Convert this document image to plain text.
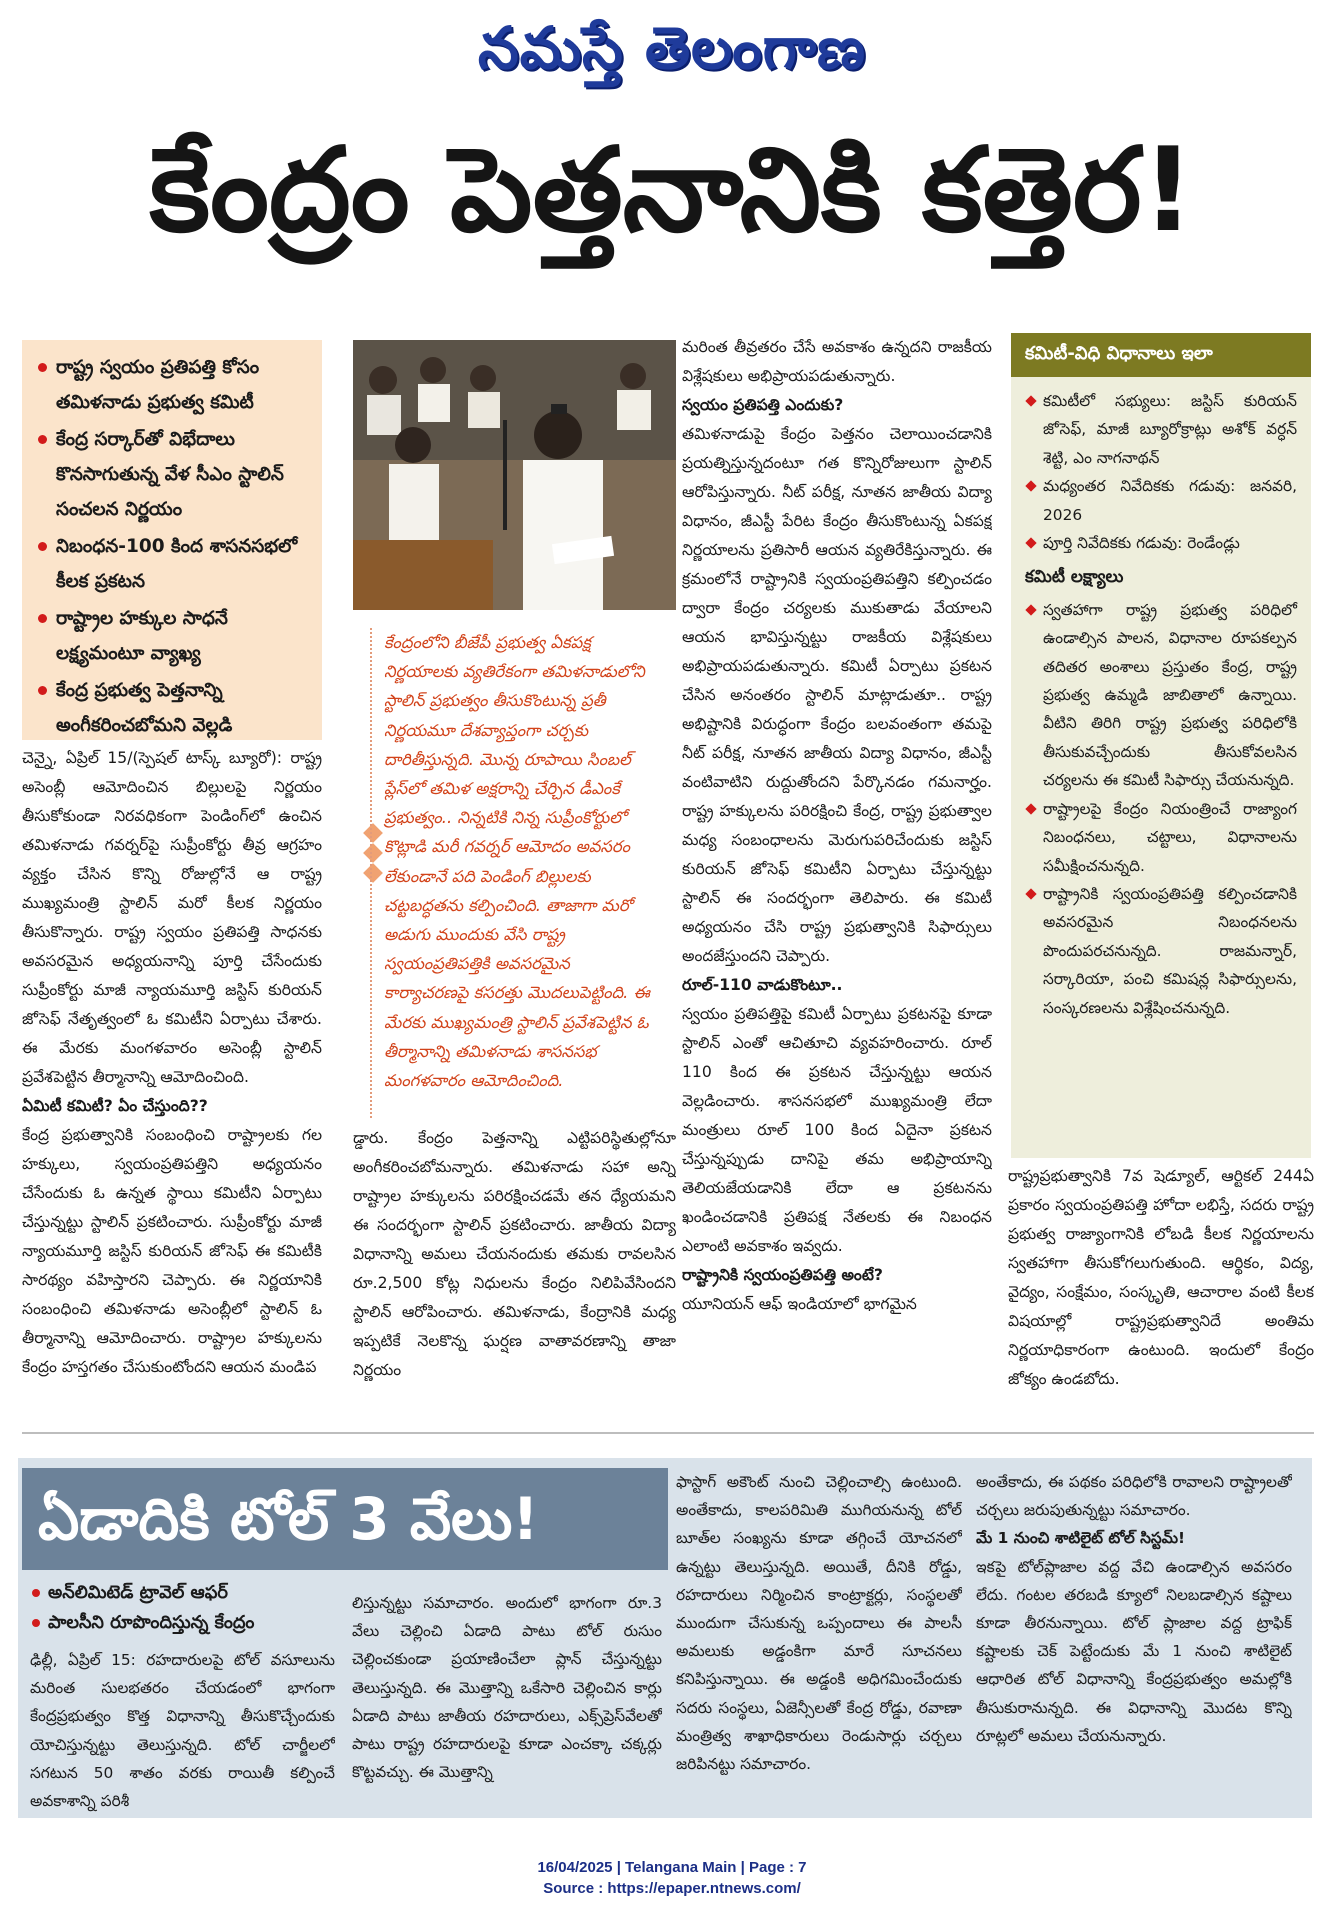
నమస్తే తెలంగాణ
కేంద్రం పెత్తనానికి కత్తెర!
రాష్ట్ర స్వయం ప్రతిపత్తి కోసం తమిళనాడు ప్రభుత్వ కమిటీ
కేంద్ర సర్కార్‌తో విభేదాలు కొనసాగుతున్న వేళ సీఎం స్టాలిన్ సంచలన నిర్ణయం
నిబంధన-100 కింద శాసనసభలో కీలక ప్రకటన
రాష్ట్రాల హక్కుల సాధనే లక్ష్యమంటూ వ్యాఖ్య
కేంద్ర ప్రభుత్వ పెత్తనాన్ని అంగీకరించబోమని వెల్లడి

చెన్నై, ఏప్రిల్ 15/(స్పెషల్ టాస్క్ బ్యూరో): రాష్ట్ర అసెంబ్లీ ఆమోదించిన బిల్లులపై నిర్ణయం తీసుకోకుండా నిరవధికంగా పెండింగ్‌లో ఉంచిన తమిళనాడు గవర్నర్‌పై సుప్రీంకోర్టు తీవ్ర ఆగ్రహం వ్యక్తం చేసిన కొన్ని రోజుల్లోనే ఆ రాష్ట్ర ముఖ్యమంత్రి స్టాలిన్ మరో కీలక నిర్ణయం తీసుకొన్నారు. రాష్ట్ర స్వయం ప్రతిపత్తి సాధనకు అవసరమైన అధ్యయనాన్ని పూర్తి చేసేందుకు సుప్రీంకోర్టు మాజీ న్యాయమూర్తి జస్టిస్ కురియన్ జోసెఫ్ నేతృత్వంలో ఓ కమిటీని ఏర్పాటు చేశారు. ఈ మేరకు మంగళవారం అసెంబ్లీ స్టాలిన్ ప్రవేశపెట్టిన తీర్మానాన్ని ఆమోదించింది.

ఏమిటీ కమిటీ? ఏం చేస్తుంది??

కేంద్ర ప్రభుత్వానికి సంబంధించి రాష్ట్రాలకు గల హక్కులు, స్వయంప్రతిపత్తిని అధ్యయనం చేసేందుకు ఓ ఉన్నత స్థాయి కమిటీని ఏర్పాటు చేస్తున్నట్టు స్టాలిన్ ప్రకటించారు. సుప్రీంకోర్టు మాజీ న్యాయమూర్తి జస్టిస్ కురియన్ జోసెఫ్ ఈ కమిటీకి సారథ్యం వహిస్తారని చెప్పారు. ఈ నిర్ణయానికి సంబంధించి తమిళనాడు అసెంబ్లీలో స్టాలిన్ ఓ తీర్మానాన్ని ఆమోదించారు. రాష్ట్రాల హక్కులను కేంద్రం హస్తగతం చేసుకుంటోందని ఆయన మండిప

కేంద్రంలోని బీజేపీ ప్రభుత్వ ఏకపక్ష నిర్ణయాలకు వ్యతిరేకంగా తమిళనాడులోని స్టాలిన్ ప్రభుత్వం తీసుకొంటున్న ప్రతీ నిర్ణయమూ దేశవ్యాప్తంగా చర్చకు దారితీస్తున్నది. మొన్న రూపాయి సింబల్ ప్లేస్‌లో తమిళ అక్షరాన్ని చేర్చిన డీఎంకే ప్రభుత్వం.. నిన్నటికి నిన్న సుప్రీంకోర్టులో కొట్లాడి మరీ గవర్నర్ ఆమోదం అవసరం లేకుండానే పది పెండింగ్ బిల్లులకు చట్టబద్ధతను కల్పించింది. తాజాగా మరో అడుగు ముందుకు వేసి రాష్ట్ర స్వయంప్రతిపత్తికి అవసరమైన కార్యాచరణపై కసరత్తు మొదలుపెట్టింది. ఈ మేరకు ముఖ్యమంత్రి స్టాలిన్ ప్రవేశపెట్టిన ఓ తీర్మానాన్ని తమిళనాడు శాసనసభ మంగళవారం ఆమోదించింది.

డ్డారు. కేంద్రం పెత్తనాన్ని ఎట్టిపరిస్థితుల్లోనూ అంగీకరించబోమన్నారు. తమిళనాడు సహా అన్ని రాష్ట్రాల హక్కులను పరిరక్షించడమే తన ధ్యేయమని ఈ సందర్భంగా స్టాలిన్ ప్రకటించారు. జాతీయ విద్యా విధానాన్ని అమలు చేయనందుకు తమకు రావలసిన రూ.2,500 కోట్ల నిధులను కేంద్రం నిలిపివేసిందని స్టాలిన్ ఆరోపించారు. తమిళనాడు, కేంద్రానికి మధ్య ఇప్పటికే నెలకొన్న ఘర్షణ వాతావరణాన్ని తాజా నిర్ణయం

మరింత తీవ్రతరం చేసే అవకాశం ఉన్నదని రాజకీయ విశ్లేషకులు అభిప్రాయపడుతున్నారు.

స్వయం ప్రతిపత్తి ఎందుకు?

తమిళనాడుపై కేంద్రం పెత్తనం చెలాయించడానికి ప్రయత్నిస్తున్నదంటూ గత కొన్నిరోజులుగా స్టాలిన్ ఆరోపిస్తున్నారు. నీట్ పరీక్ష, నూతన జాతీయ విద్యా విధానం, జీఎస్టీ పేరిట కేంద్రం తీసుకొంటున్న ఏకపక్ష నిర్ణయాలను ప్రతిసారీ ఆయన వ్యతిరేకిస్తున్నారు. ఈ క్రమంలోనే రాష్ట్రానికి స్వయంప్రతిపత్తిని కల్పించడం ద్వారా కేంద్రం చర్యలకు ముకుతాడు వేయాలని ఆయన భావిస్తున్నట్టు రాజకీయ విశ్లేషకులు అభిప్రాయపడుతున్నారు. కమిటీ ఏర్పాటు ప్రకటన చేసిన అనంతరం స్టాలిన్ మాట్లాడుతూ.. రాష్ట్ర అభిష్టానికి విరుద్ధంగా కేంద్రం బలవంతంగా తమపై నీట్ పరీక్ష, నూతన జాతీయ విద్యా విధానం, జీఎస్టీ వంటివాటిని రుద్దుతోందని పేర్కొనడం గమనార్హం. రాష్ట్ర హక్కులను పరిరక్షించి కేంద్ర, రాష్ట్ర ప్రభుత్వాల మధ్య సంబంధాలను మెరుగుపరిచేందుకు జస్టిస్ కురియన్ జోసెఫ్ కమిటీని ఏర్పాటు చేస్తున్నట్టు స్టాలిన్ ఈ సందర్భంగా తెలిపారు. ఈ కమిటీ అధ్యయనం చేసి రాష్ట్ర ప్రభుత్వానికి సిఫార్సులు అందజేస్తుందని చెప్పారు.

రూల్-110 వాడుకొంటూ..

స్వయం ప్రతిపత్తిపై కమిటీ ఏర్పాటు ప్రకటనపై కూడా స్టాలిన్ ఎంతో ఆచితూచి వ్యవహరించారు. రూల్ 110 కింద ఈ ప్రకటన చేస్తున్నట్టు ఆయన వెల్లడించారు. శాసనసభలో ముఖ్యమంత్రి లేదా మంత్రులు రూల్ 100 కింద ఏదైనా ప్రకటన చేస్తున్నప్పుడు దానిపై తమ అభిప్రాయాన్ని తెలియజేయడానికి లేదా ఆ ప్రకటనను ఖండించడానికి ప్రతిపక్ష నేతలకు ఈ నిబంధన ఎలాంటి అవకాశం ఇవ్వదు.

రాష్ట్రానికి స్వయంప్రతిపత్తి అంటే?

యూనియన్ ఆఫ్ ఇండియాలో భాగమైన

కమిటీ-విధి విధానాలు ఇలా
కమిటీలో సభ్యులు: జస్టిస్ కురియన్ జోసెఫ్, మాజీ బ్యూరోక్రాట్లు అశోక్ వర్ధన్ శెట్టి, ఎం నాగనాథన్
మధ్యంతర నివేదికకు గడువు: జనవరి, 2026
పూర్తి నివేదికకు గడువు: రెండేండ్లు
కమిటీ లక్ష్యాలు
స్వతహాగా రాష్ట్ర ప్రభుత్వ పరిధిలో ఉండాల్సిన పాలన, విధానాల రూపకల్పన తదితర అంశాలు ప్రస్తుతం కేంద్ర, రాష్ట్ర ప్రభుత్వ ఉమ్మడి జాబితాలో ఉన్నాయి. వీటిని తిరిగి రాష్ట్ర ప్రభుత్వ పరిధిలోకి తీసుకువచ్చేందుకు తీసుకోవలసిన చర్యలను ఈ కమిటీ సిఫార్సు చేయనున్నది.
రాష్ట్రాలపై కేంద్రం నియంత్రించే రాజ్యాంగ నిబంధనలు, చట్టాలు, విధానాలను సమీక్షించనున్నది.
రాష్ట్రానికి స్వయంప్రతిపత్తి కల్పించడానికి అవసరమైన నిబంధనలను పొందుపరచనున్నది. రాజమన్నార్, సర్కారియా, పంచి కమిషన్ల సిఫార్సులను, సంస్కరణలను విశ్లేషించనున్నది.

రాష్ట్రప్రభుత్వానికి 7వ షెడ్యూల్, ఆర్టికల్ 244ఏ ప్రకారం స్వయంప్రతిపత్తి హోదా లభిస్తే, సదరు రాష్ట్ర ప్రభుత్వ రాజ్యాంగానికి లోబడి కీలక నిర్ణయాలను స్వతహాగా తీసుకోగలుగుతుంది. ఆర్థికం, విద్య, వైద్యం, సంక్షేమం, సంస్కృతి, ఆచారాల వంటి కీలక విషయాల్లో రాష్ట్రప్రభుత్వానిదే అంతిమ నిర్ణయాధికారంగా ఉంటుంది. ఇందులో కేంద్రం జోక్యం ఉండబోదు.

ఏడాదికి టోల్ 3 వేలు!
అన్‌లిమిటెడ్ ట్రావెల్ ఆఫర్
పాలసీని రూపొందిస్తున్న కేంద్రం

ఢిల్లీ, ఏప్రిల్ 15: రహదారులపై టోల్ వసూలును మరింత సులభతరం చేయడంలో భాగంగా కేంద్రప్రభుత్వం కొత్త విధానాన్ని తీసుకొచ్చేందుకు యోచిస్తున్నట్టు తెలుస్తున్నది. టోల్ చార్జీలలో సగటున 50 శాతం వరకు రాయితీ కల్పించే అవకాశాన్ని పరిశీ

లిస్తున్నట్టు సమాచారం. అందులో భాగంగా రూ.3 వేలు చెల్లించి ఏడాది పాటు టోల్ రుసుం చెల్లించకుండా ప్రయాణించేలా ప్లాన్ చేస్తున్నట్టు తెలుస్తున్నది. ఈ మొత్తాన్ని ఒకేసారి చెల్లించిన కార్లు ఏడాది పాటు జాతీయ రహదారులు, ఎక్స్‌ప్రెస్‌వేలతో పాటు రాష్ట్ర రహదారులపై కూడా ఎంచక్కా చక్కర్లు కొట్టవచ్చు. ఈ మొత్తాన్ని

ఫాస్టాగ్ అకౌంట్ నుంచి చెల్లించాల్సి ఉంటుంది. అంతేకాదు, కాలపరిమితి ముగియనున్న టోల్ బూత్‌ల సంఖ్యను కూడా తగ్గించే యోచనలో ఉన్నట్టు తెలుస్తున్నది. అయితే, దీనికి రోడ్డు, రహదారులు నిర్మించిన కాంట్రాక్టర్లు, సంస్థలతో ముందుగా చేసుకున్న ఒప్పందాలు ఈ పాలసీ అమలుకు అడ్డంకిగా మారే సూచనలు కనిపిస్తున్నాయి. ఈ అడ్డంకి అధిగమించేందుకు సదరు సంస్థలు, ఏజెన్సీలతో కేంద్ర రోడ్డు, రవాణా మంత్రిత్వ శాఖాధికారులు రెండుసార్లు చర్చలు జరిపినట్టు సమాచారం.

అంతేకాదు, ఈ పథకం పరిధిలోకి రావాలని రాష్ట్రాలతో చర్చలు జరుపుతున్నట్టు సమాచారం.

మే 1 నుంచి శాటిలైట్ టోల్ సిస్టమ్!

ఇకపై టోల్‌ప్లాజాల వద్ద వేచి ఉండాల్సిన అవసరం లేదు. గంటల తరబడి క్యూలో నిలబడాల్సిన కష్టాలు కూడా తీరనున్నాయి. టోల్ ప్లాజాల వద్ద ట్రాఫిక్ కష్టాలకు చెక్ పెట్టేందుకు మే 1 నుంచి శాటిలైట్ ఆధారిత టోల్ విధానాన్ని కేంద్రప్రభుత్వం అమల్లోకి తీసుకురానున్నది. ఈ విధానాన్ని మొదట కొన్ని రూట్లలో అమలు చేయనున్నారు.

16/04/2025 | Telangana Main | Page : 7
Source : https://epaper.ntnews.com/
